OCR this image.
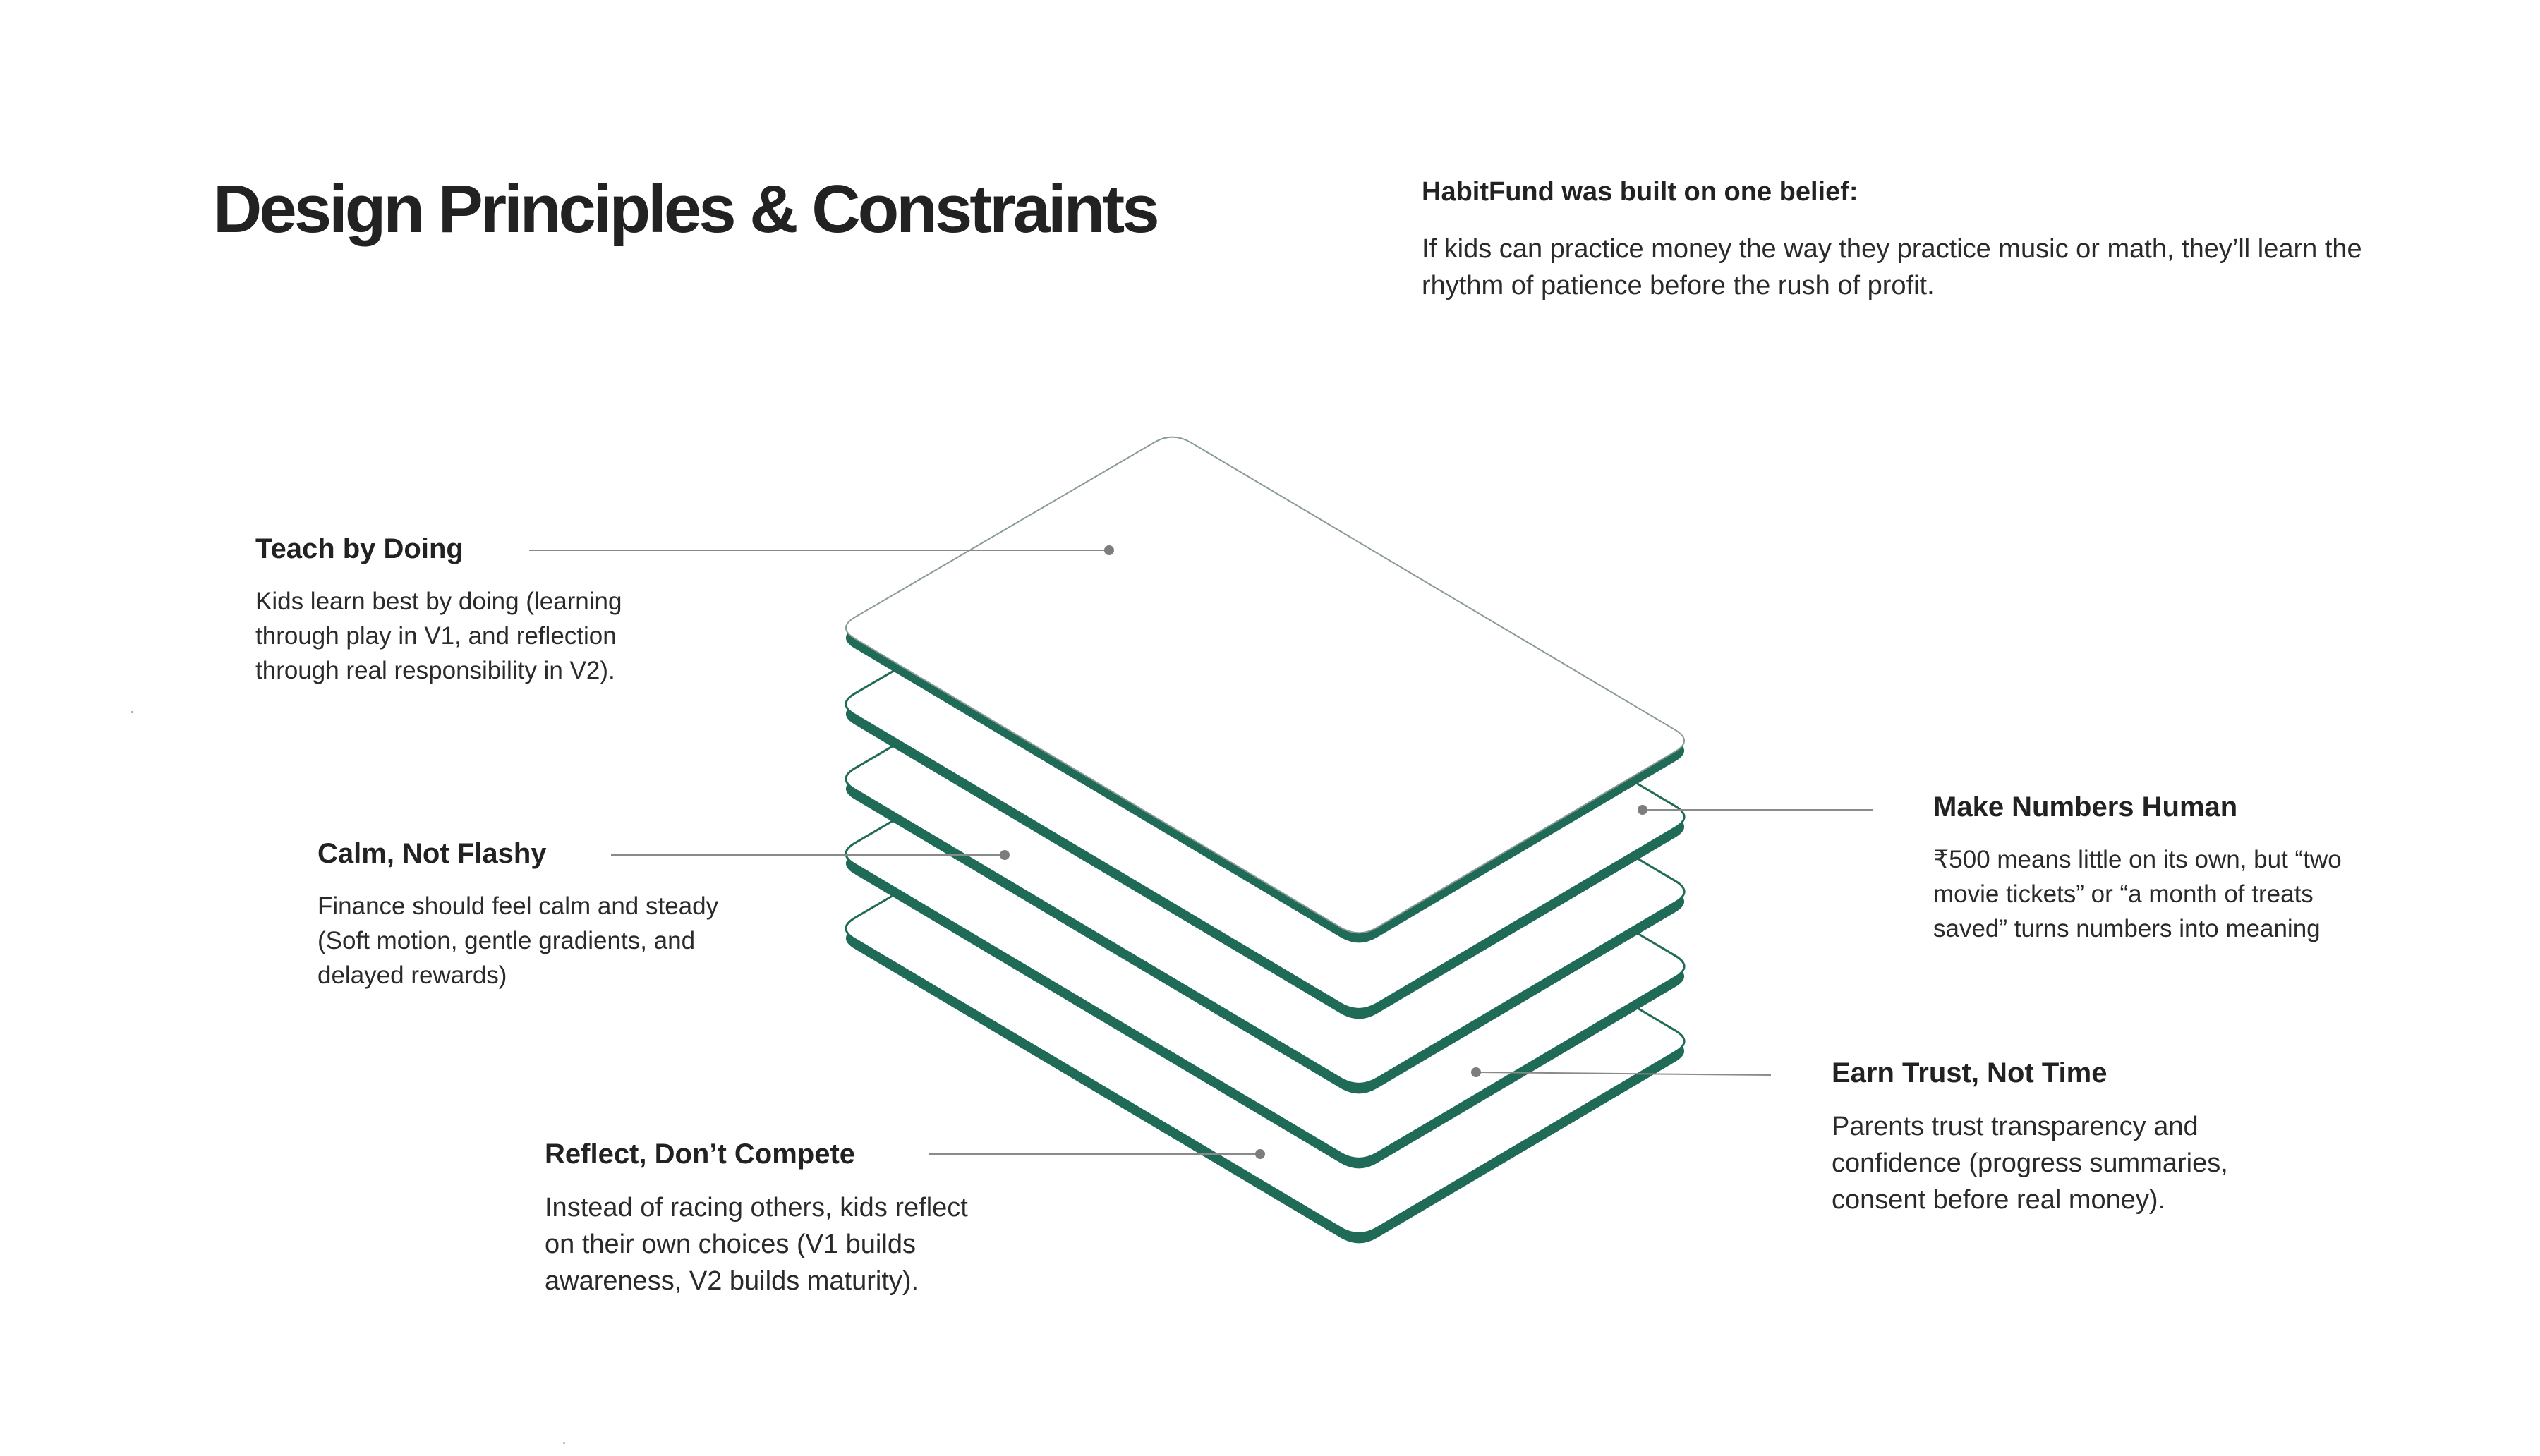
Design Principles & Constraints	HabitFund was built on one belief:

If kids can practice money the way they practice music or math, they’ll learn the rhythm of patience before the rush of profit.

Teach by Doing

Kids learn best by doing (learning through play in V1, and reflection through real responsibility in V2).

Calm, Not Flashy

Finance should feel calm and steady (Soft motion, gentle gradients, and delayed rewards)

Reflect, Don’t Compete

Instead of racing others, kids reflect on their own choices (V1 builds awareness, V2 builds maturity).

Make Numbers Human

₹500 means little on its own, but “two movie tickets” or “a month of treats saved” turns numbers into meaning

Earn Trust, Not Time

Parents trust transparency and confidence (progress summaries, consent before real money).
